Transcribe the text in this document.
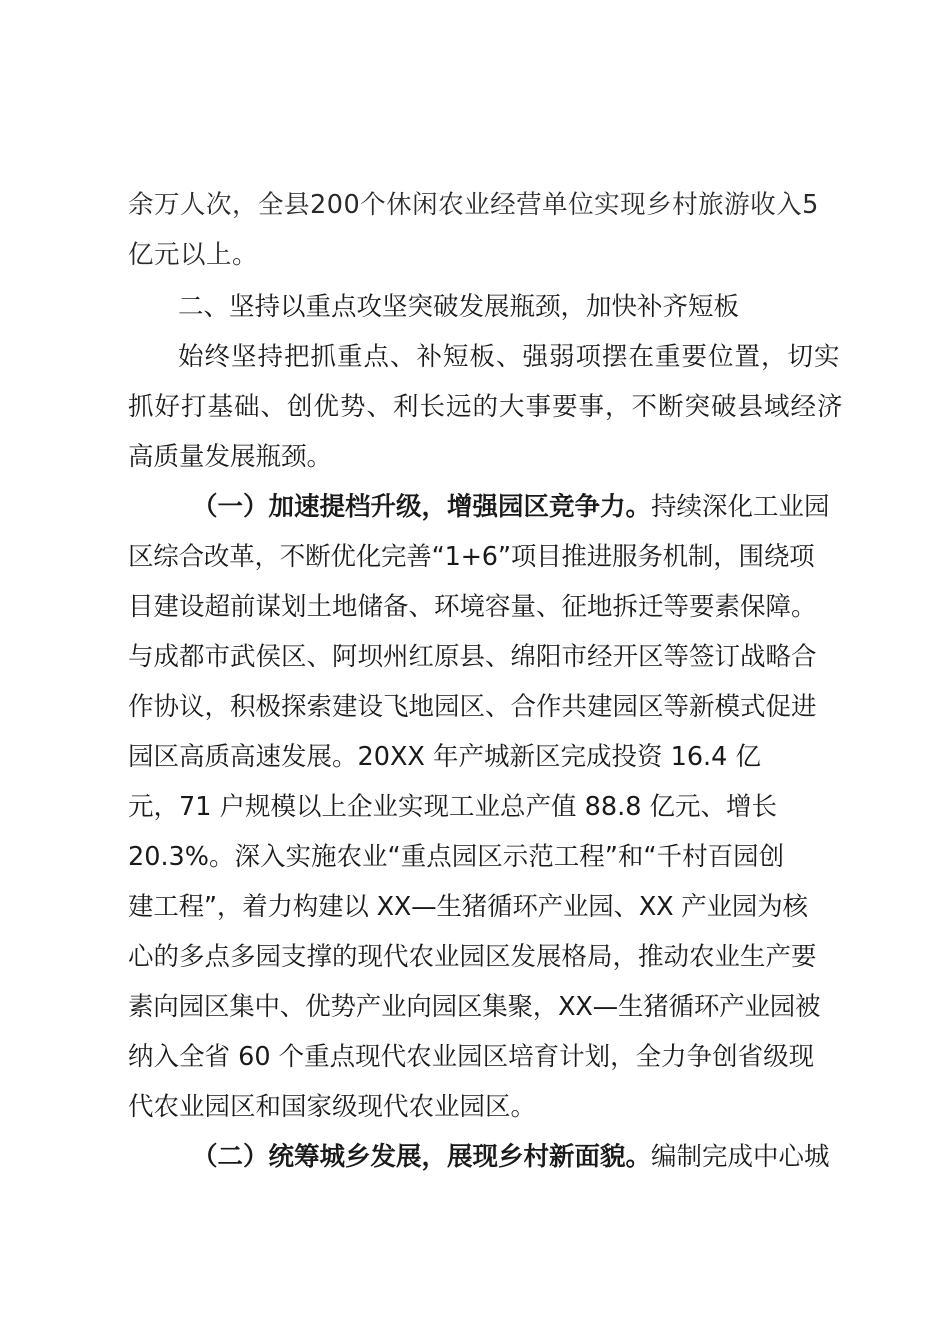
余万人次，全县200个休闲农业经营单位实现乡村旅游收入5

亿元以上。

二、坚持以重点攻坚突破发展瓶颈，加快补齐短板

始终坚持把抓重点、补短板、强弱项摆在重要位置，切实

抓好打基础、创优势、利长远的大事要事，不断突破县域经济

高质量发展瓶颈。

（一）加速提档升级，增强园区竞争力。持续深化工业园

区综合改革，不断优化完善“1+6”项目推进服务机制，围绕项

目建设超前谋划土地储备、环境容量、征地拆迁等要素保障。

与成都市武侯区、阿坝州红原县、绵阳市经开区等签订战略合

作协议，积极探索建设飞地园区、合作共建园区等新模式促进

园区高质高速发展。20XX 年产城新区完成投资 16.4 亿

元，71 户规模以上企业实现工业总产值 88.8 亿元、增长

20.3%。深入实施农业“重点园区示范工程”和“千村百园创

建工程”，着力构建以 XX—生猪循环产业园、XX 产业园为核

心的多点多园支撑的现代农业园区发展格局，推动农业生产要

素向园区集中、优势产业向园区集聚，XX—生猪循环产业园被

纳入全省 60 个重点现代农业园区培育计划，全力争创省级现

代农业园区和国家级现代农业园区。

（二）统筹城乡发展，展现乡村新面貌。编制完成中心城
